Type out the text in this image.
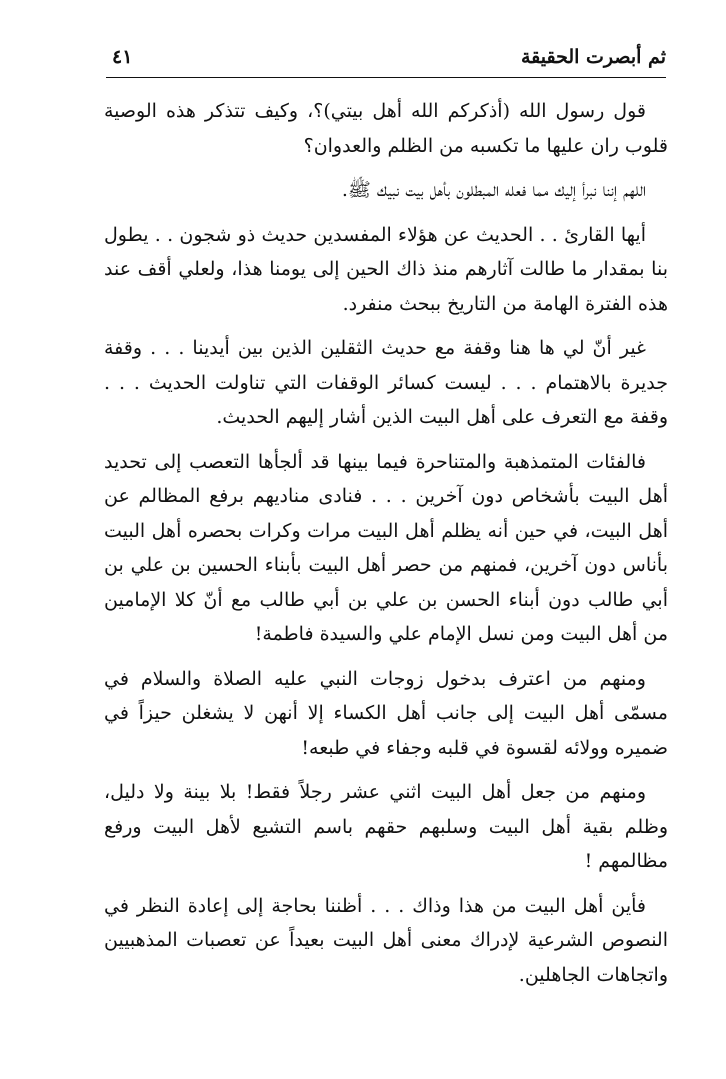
ثم أبصرت الحقيقة
٤١

قول رسول الله (أذكركم الله أهل بيتي)؟، وكيف تتذكر هذه الوصية قلوب ران عليها ما تكسبه من الظلم والعدوان؟

اللهم إننا نبرأ إليك مما فعله المبطلون بأهل بيت نبيك ﷺ.

أيها القارئ . . الحديث عن هؤلاء المفسدين حديث ذو شجون . . يطول بنا بمقدار ما طالت آثارهم منذ ذاك الحين إلى يومنا هذا، ولعلي أقف عند هذه الفترة الهامة من التاريخ ببحث منفرد.

غير أنّ لي ها هنا وقفة مع حديث الثقلين الذين بين أيدينا . . . وقفة جديرة بالاهتمام . . . ليست كسائر الوقفات التي تناولت الحديث . . . وقفة مع التعرف على أهل البيت الذين أشار إليهم الحديث.

فالفئات المتمذهبة والمتناحرة فيما بينها قد ألجأها التعصب إلى تحديد أهل البيت بأشخاص دون آخرين . . . فنادى مناديهم برفع المظالم عن أهل البيت، في حين أنه يظلم أهل البيت مرات وكرات بحصره أهل البيت بأناس دون آخرين، فمنهم من حصر أهل البيت بأبناء الحسين بن علي بن أبي طالب دون أبناء الحسن بن علي بن أبي طالب مع أنّ كلا الإمامين من أهل البيت ومن نسل الإمام علي والسيدة فاطمة!

ومنهم من اعترف بدخول زوجات النبي عليه الصلاة والسلام في مسمّى أهل البيت إلى جانب أهل الكساء إلا أنهن لا يشغلن حيزاً في ضميره وولائه لقسوة في قلبه وجفاء في طبعه!

ومنهم من جعل أهل البيت اثني عشر رجلاً فقط! بلا بينة ولا دليل، وظلم بقية أهل البيت وسلبهم حقهم باسم التشيع لأهل البيت ورفع مظالمهم !

فأين أهل البيت من هذا وذاك . . . أظننا بحاجة إلى إعادة النظر في النصوص الشرعية لإدراك معنى أهل البيت بعيداً عن تعصبات المذهبيين واتجاهات الجاهلين.
